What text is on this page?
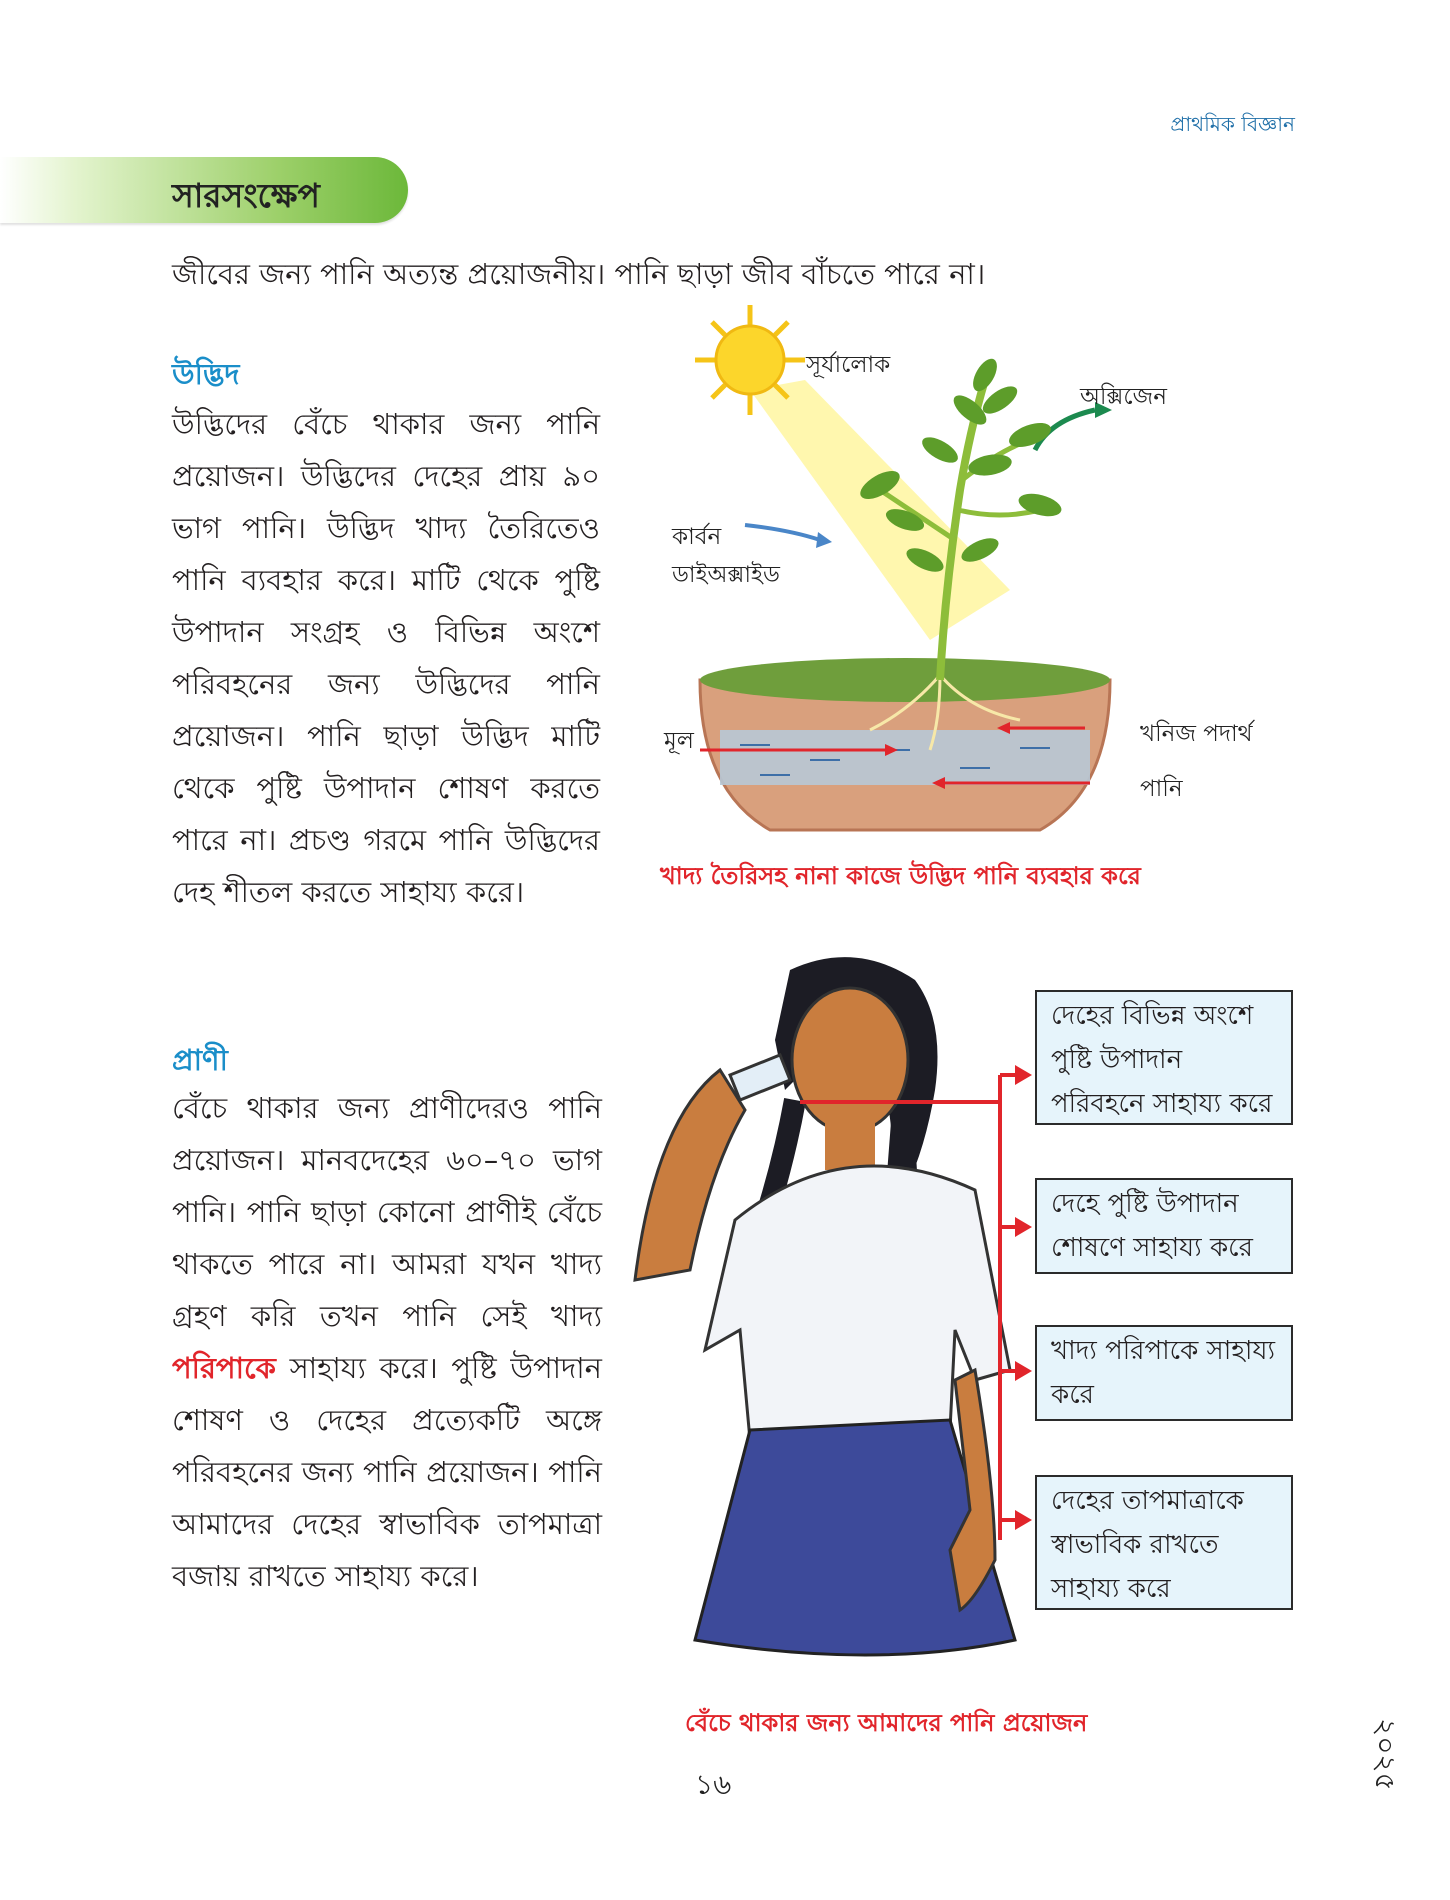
প্রাথমিক বিজ্ঞান
সারসংক্ষেপ
জীবের জন্য পানি অত্যন্ত প্রয়োজনীয়। পানি ছাড়া জীব বাঁচতে পারে না।
উদ্ভিদ
উদ্ভিদের বেঁচে থাকার জন্য পানি প্রয়োজন। উদ্ভিদের দেহের প্রায় ৯০ ভাগ পানি। উদ্ভিদ খাদ্য তৈরিতেও পানি ব্যবহার করে। মাটি থেকে পুষ্টি উপাদান সংগ্রহ ও বিভিন্ন অংশে পরিবহনের জন্য উদ্ভিদের পানি প্রয়োজন। পানি ছাড়া উদ্ভিদ মাটি থেকে পুষ্টি উপাদান শোষণ করতে পারে না। প্রচণ্ড গরমে পানি উদ্ভিদের দেহ শীতল করতে সাহায্য করে।
সূর্যালোক
অক্সিজেন
কার্বন
ডাইঅক্সাইড
মূল	খনিজ পদার্থ
পানি
খাদ্য তৈরিসহ নানা কাজে উদ্ভিদ পানি ব্যবহার করে
প্রাণী
বেঁচে থাকার জন্য প্রাণীদেরও পানি প্রয়োজন। মানবদেহের ৬০–৭০ ভাগ পানি। পানি ছাড়া কোনো প্রাণীই বেঁচে থাকতে পারে না। আমরা যখন খাদ্য গ্রহণ করি তখন পানি সেই খাদ্য পরিপাকে সাহায্য করে। পুষ্টি উপাদান শোষণ ও দেহের প্রত্যেকটি অঙ্গে পরিবহনের জন্য পানি প্রয়োজন। পানি আমাদের দেহের স্বাভাবিক তাপমাত্রা বজায় রাখতে সাহায্য করে।
দেহের বিভিন্ন অংশে পুষ্টি উপাদান পরিবহনে সাহায্য করে
দেহে পুষ্টি উপাদান শোষণে সাহায্য করে
খাদ্য পরিপাকে সাহায্য করে
দেহের তাপমাত্রাকে স্বাভাবিক রাখতে সাহায্য করে
বেঁচে থাকার জন্য আমাদের পানি প্রয়োজন
১৬	২০২৫
